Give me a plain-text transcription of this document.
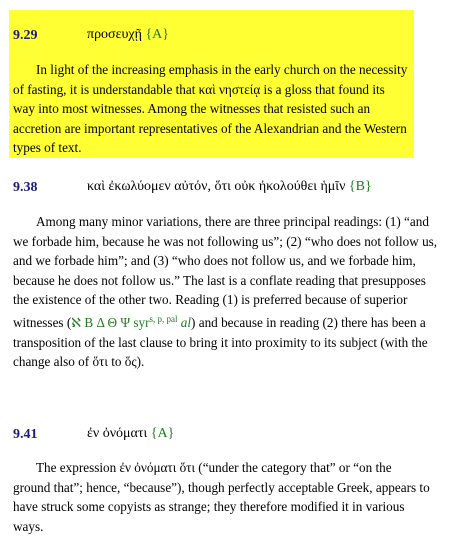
9.29	προσευχῇ {A}
In light of the increasing emphasis in the early church on the necessity of fasting, it is understandable that καὶ νηστείᾳ is a gloss that found its way into most witnesses. Among the witnesses that resisted such an accretion are important representatives of the Alexandrian and the Western types of text.
9.38	καὶ ἐκωλύομεν αὐτόν, ὅτι οὐκ ἠκολούθει ἡμῖν {B}
Among many minor variations, there are three principal readings: (1) “and we forbade him, because he was not following us”; (2) “who does not follow us, and we forbade him”; and (3) “who does not follow us, and we forbade him, because he does not follow us.” The last is a conflate reading that presupposes the existence of the other two. Reading (1) is preferred because of superior witnesses (ℵ B Δ Θ Ψ syr$^{s, p, pal}$ al) and because in reading (2) there has been a transposition of the last clause to bring it into proximity to its subject (with the change also of ὅτι to ὅς).
9.41	ἐν ὀνόματι {A}
The expression ἐν ὀνόματι ὅτι (“under the category that” or “on the ground that”; hence, “because”), though perfectly acceptable Greek, appears to have struck some copyists as strange; they therefore modified it in various ways.
